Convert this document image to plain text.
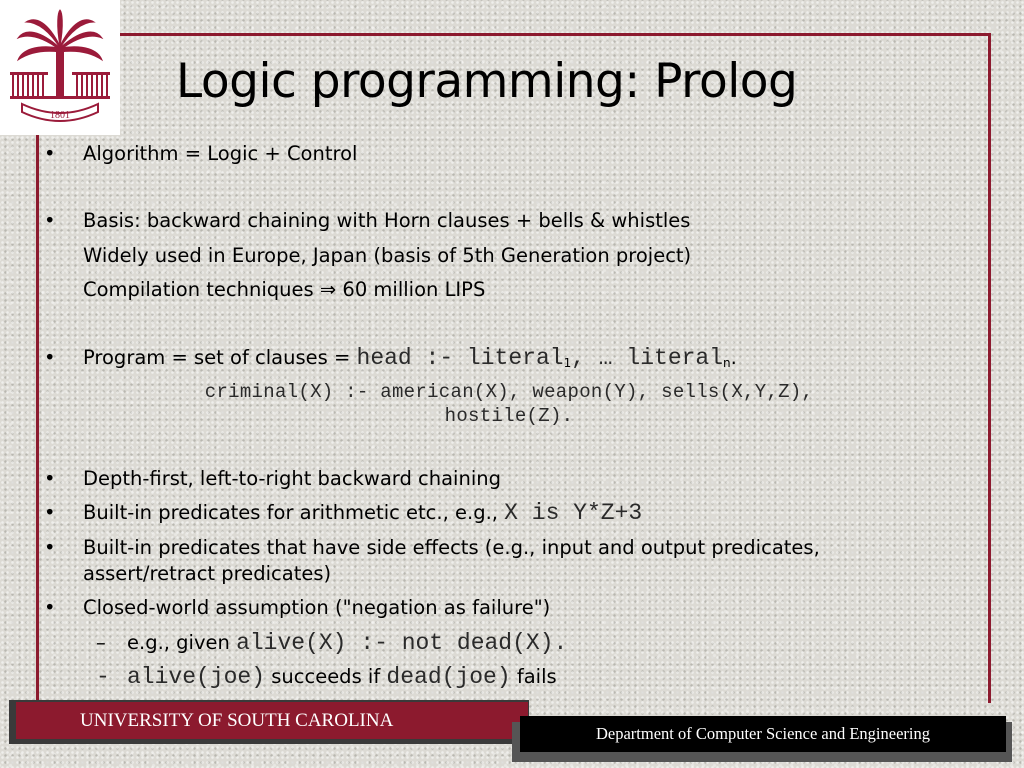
1801
Logic programming: Prolog
• Algorithm = Logic + Control
• Basis: backward chaining with Horn clauses + bells & whistles
Widely used in Europe, Japan (basis of 5th Generation project)
Compilation techniques ⇒ 60 million LIPS
• Program = set of clauses = head :- literal$_1$, … literal$_n$.
criminal(X) :- american(X), weapon(Y), sells(X,Y,Z),
hostile(Z).
• Depth-first, left-to-right backward chaining
• Built-in predicates for arithmetic etc., e.g., X is Y*Z+3
• Built-in predicates that have side effects (e.g., input and output predicates,
assert/retract predicates)
• Closed-world assumption ("negation as failure")
– e.g., given alive(X) :- not dead(X).
- alive(joe) succeeds if dead(joe) fails
UNIVERSITY OF SOUTH CAROLINA
Department of Computer Science and Engineering
